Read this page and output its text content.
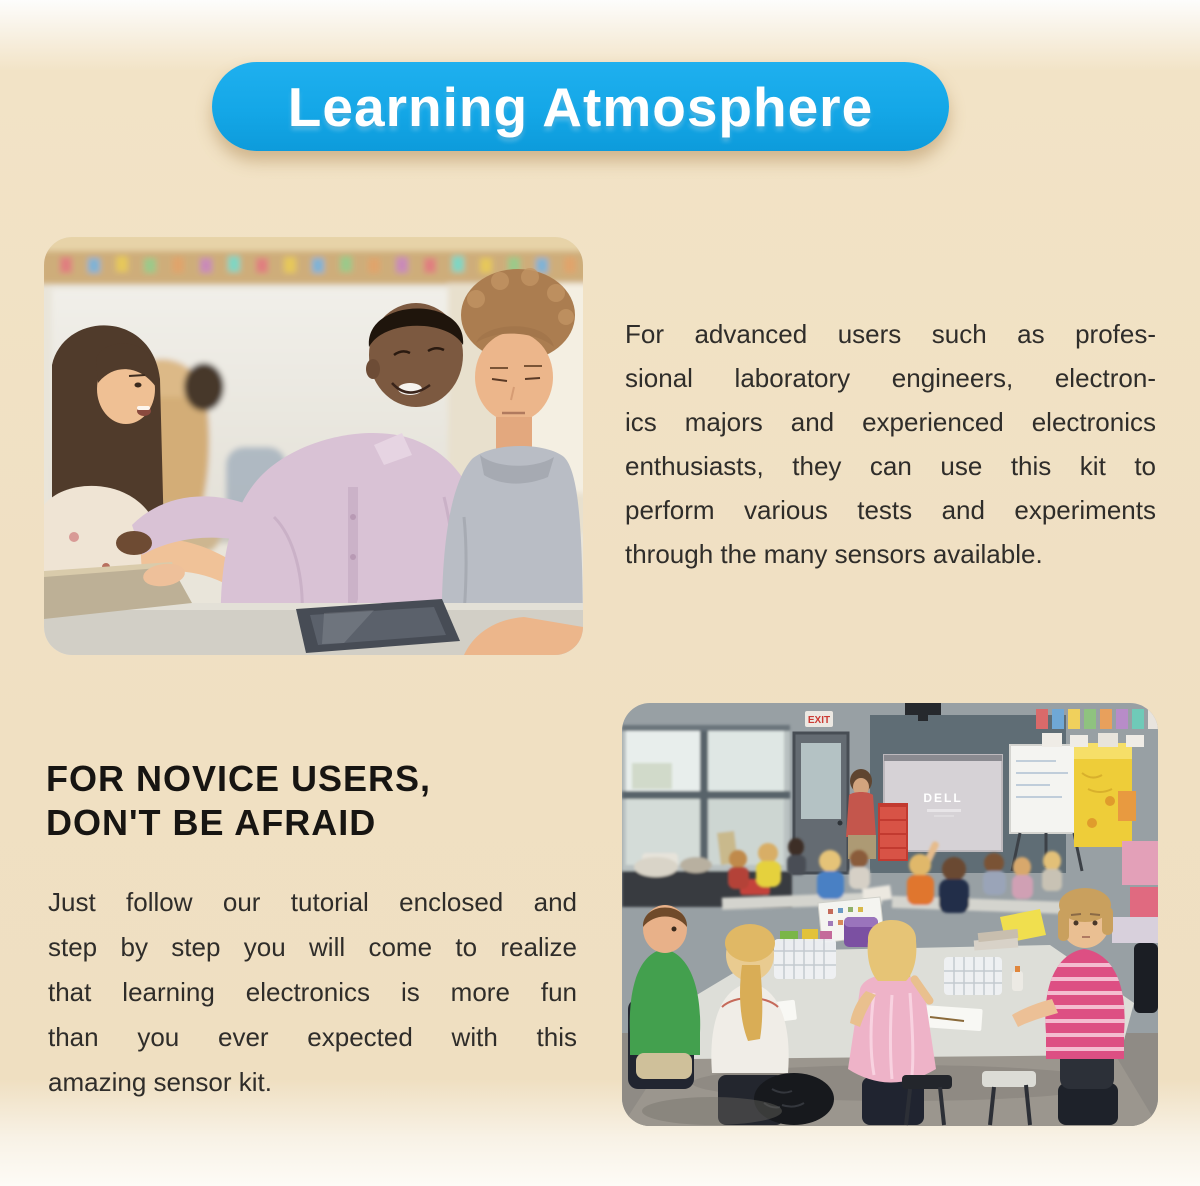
Learning Atmosphere
For advanced users such as profes-
sional laboratory engineers, electron-
ics majors and experienced electronics
enthusiasts, they can use this kit to
perform various tests and experiments
through the many sensors available.
FOR NOVICE USERS,
DON'T BE AFRAID
Just follow our tutorial enclosed and
step by step you will come to realize
that learning electronics is more fun
than you ever expected with this
amazing sensor kit.
EXIT
DELL
